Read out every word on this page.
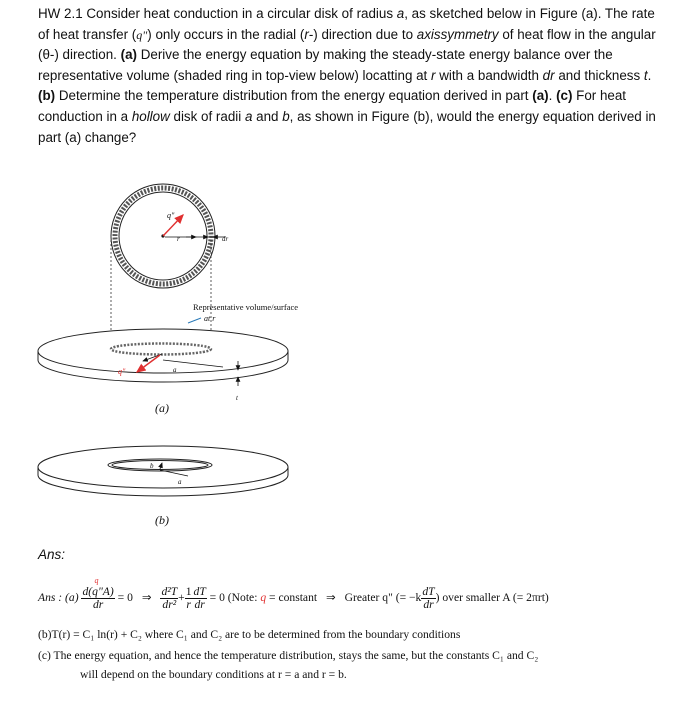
HW 2.1 Consider heat conduction in a circular disk of radius a, as sketched below in Figure (a). The rate of heat transfer (q") only occurs in the radial (r-) direction due to axissymmetry of heat flow in the angular (θ-) direction. (a) Derive the energy equation by making the steady-state energy balance over the representative volume (shaded ring in top-view below) locatting at r with a bandwidth dr and thickness t. (b) Determine the temperature distribution from the energy equation derived in part (a). (c) For heat conduction in a hollow disk of radii a and b, as shown in Figure (b), would the energy equation derived in part (a) change?
q"
r	dr
Representative volume/surface
at r
q"	a
t
(a)
b
a
(b)
Ans:
Ans : (a)
q
d(q"A)
dr
= 0 ⇒ $\frac{\text{d²T}}{\text{dr²}} + \frac{1}{r} \frac{dT}{dr} = 0$ (Note: q = constant ⇒ Greater q" (= $-k \frac{dT}{dr}$ ) over smaller A (= 2πrt)
(b)T(r) = C₁ ln(r) + C₂ where C₁ and C₂ are to be determined from the boundary conditions
(c) The energy equation, and hence the temperature distribution, stays the same, but the constants C₁ and C₂
will depend on the boundary conditions at r = a and r = b.
